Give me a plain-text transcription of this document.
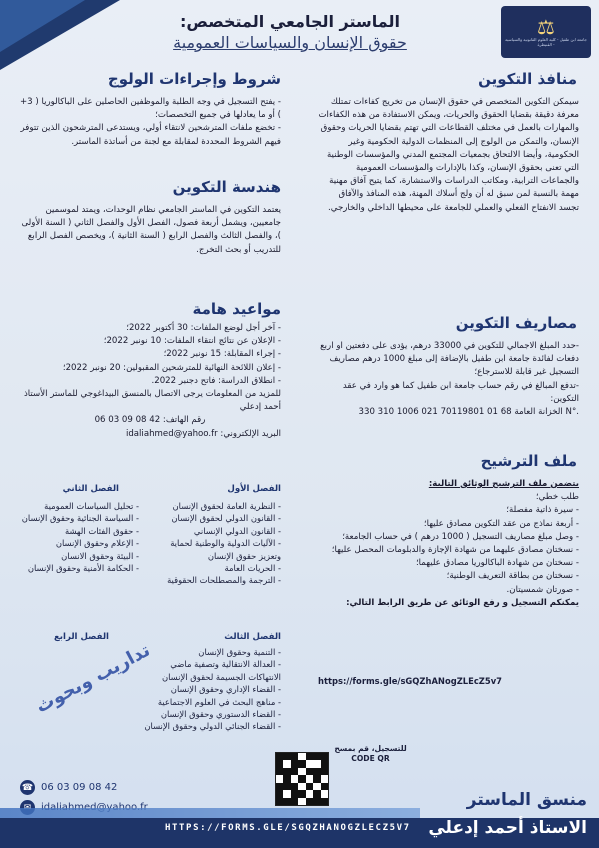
⚖
جامعة ابن طفيل - كلية العلوم القانونية والسياسية - القنيطرة
الماستر الجامعي المتخصص:
حقوق الإنسان والسياسات العمومية
منافذ التكوين
سيمكن التكوين المتخصص في حقوق الإنسان من تخريج كفاءات تمتلك معرفة دقيقة بقضايا الحقوق والحريات، ويمكن الاستفادة من هذه الكفاءات والمهارات بالعمل في مختلف القطاعات التي تهتم بقضايا الحريات وحقوق الإنسان، والتمكن من الولوج إلى المنظمات الدولية الحكومية وغير الحكومية، وأيضا الالتحاق بجمعيات المجتمع المدني والمؤسسات الوطنية التي تعنى بحقوق الإنسان، وكذا بالإدارات والمؤسسات العمومية والجماعات الترابية، ومكاتب الدراسات والاستشارة، كما يتيح آفاق مهنية مهمة بالنسبة لمن سبق له أن ولج أسلاك المهنة، هذه المنافذ والآفاق تجسد الانفتاح الفعلي والعملي للجامعة على محيطها الداخلي والخارجي.
مصاريف التكوين

-حدد المبلغ الاجمالي للتكوين في 33000 درهم، يؤدى على دفعتين او اربع دفعات لفائدة جامعة ابن طفيل بالإضافة إلى مبلغ 1000 درهم مصاريف التسجيل غير قابلة للاسترجاع؛

-تدفع المبالغ في رقم حساب جامعة ابن طفيل كما هو وارد في عقد التكوين:

الخزانة العامة 68 01 70119801 021 1006 310 330 N°.

ملف الترشيح

يتضمن ملف الترشيح الوثائق التالية:

طلب خطي؛

- سيرة ذاتية مفصلة؛

- أربعة نماذج من عقد التكوين مصادق عليها؛

- وصل مبلغ مصاريف التسجيل ( 1000 درهم ) في حساب الجامعة؛

- نسختان مصادق عليهما من شهادة الإجازة والدبلومات المحصل عليها؛

- نسختان من شهادة الباكالوريا مصادق عليهما؛

- نسختان من بطاقة التعريف الوطنية؛

- صورتان شمسيتان.

يمكنكم التسجيل و رفع الوثائق عن طريق الرابط التالي:

https://forms.gle/sGQZhANogZLEcZ5v7
شروط وإجراءات الولوج

- يفتح التسجيل في وجه الطلبة والموظفين الحاصلين على الباكالوريا ( 3+ ) أو ما يعادلها في جميع التخصصات؛

- تخضع ملفات المترشحين لانتقاء أولي، ويستدعى المترشحون الذين تتوفر فيهم الشروط المحددة لمقابلة مع لجنة من أساتذة الماستر.

هندسة التكوين
يعتمد التكوين في الماستر الجامعي نظام الوحدات، ويمتد لموسمين جامعيين، ويشمل أربعة فصول، الفصل الأول والفصل الثاني ( السنة الأولى )، والفصل الثالث والفصل الرابع ( السنة الثانية )، ويخصص الفصل الرابع للتدريب أو بحث التخرج.
مواعيد هامة

- آخر أجل لوضع الملفات: 30 أكتوبر 2022؛

- الإعلان عن نتائج انتقاء الملفات: 10 نونبر 2022؛

- إجراء المقابلة: 15 نونبر 2022؛

- إعلان اللائحة النهائية للمترشحين المقبولين: 20 نونبر 2022؛

- انطلاق الدراسة: فاتح دجنبر 2022.

للمزيد من المعلومات يرجى الاتصال بالمنسق البيداغوجي للماستر الأستاذ أحمد إدعلي

رقم الهاتف: 42 08 09 03 06

البريد الإلكتروني: idaliahmed@yahoo.fr

الفصل الأول
- النظرية العامة لحقوق الإنسان
- القانون الدولي لحقوق الإنسان
- القانون الدولي الإنساني
- الآليات الدولية والوطنية لحماية وتعزيز حقوق الإنسان
- الحريات العامة
- الترجمة والمصطلحات الحقوقية
الفصل الثاني
- تحليل السياسات العمومية
- السياسة الجنائية وحقوق الإنسان
- حقوق الفئات الهشة
- الإعلام وحقوق الإنسان
- البيئة وحقوق الانسان
- الحكامة الأمنية وحقوق الإنسان
الفصل الثالث
- التنمية وحقوق الإنسان
- العدالة الانتقالية وتصفية ماضي الانتهاكات الجسيمة لحقوق الإنسان
- القضاء الإداري وحقوق الإنسان
- مناهج البحث في العلوم الاجتماعية
- القضاء الدستوري وحقوق الإنسان
- القضاء الجنائي الدولي وحقوق الإنسان
الفصل الرابع
تداريب وبحوث
للتسجيل، قم بمسح CODE QR
☎ 06 03 09 08 42
HTTPS://FORMS.GLE/SGQZHANOGZLECZ5V7
منسق الماستر
الاستاذ أحمد إدعلي
